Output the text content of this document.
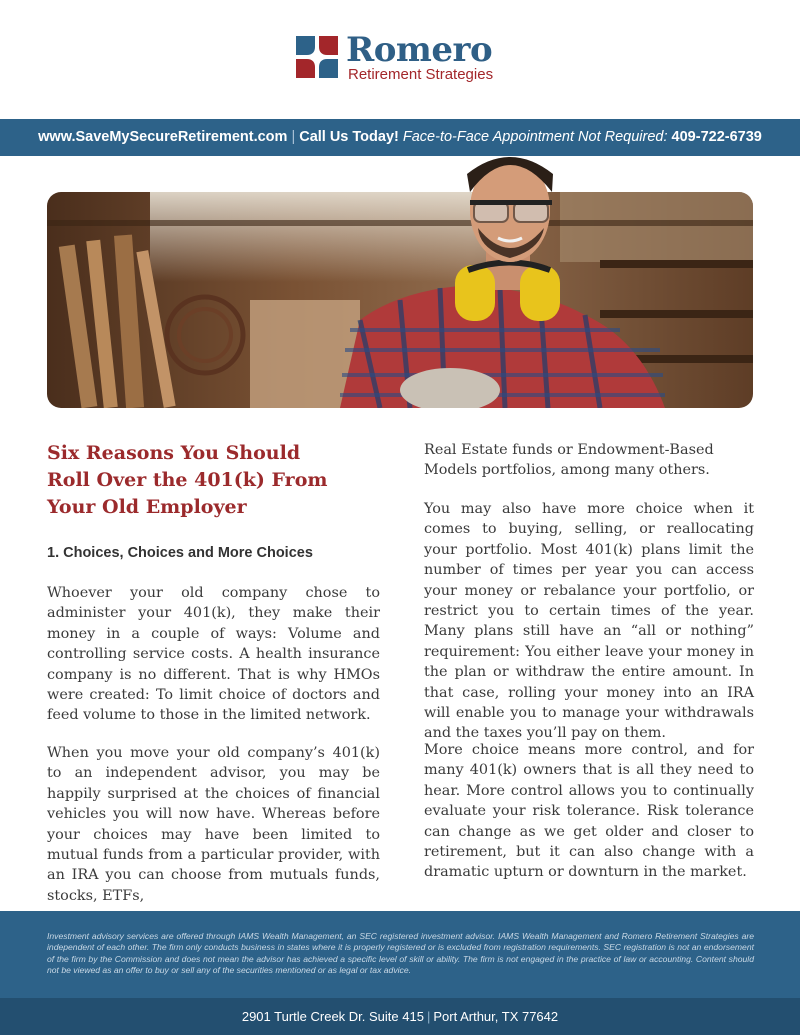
Romero
Retirement Strategies
www.SaveMySecureRetirement.com | Call Us Today! Face-to-Face Appointment Not Required: 409-722-6739
Six Reasons You Should
Roll Over the 401(k) From
Your Old Employer
1. Choices, Choices and More Choices

Whoever your old company chose to administer your 401(k), they make their money in a couple of ways: Volume and controlling service costs. A health insurance company is no different. That is why HMOs were created: To limit choice of doctors and feed volume to those in the limited network.

When you move your old company’s 401(k) to an independent advisor, you may be happily surprised at the choices of financial vehicles you will now have. Whereas before your choices may have been limited to mutual funds from a particular provider, with an IRA you can choose from mutuals funds, stocks, ETFs,

Real Estate funds or Endowment-Based Models portfolios, among many others.

You may also have more choice when it comes to buying, selling, or reallocating your portfolio. Most 401(k) plans limit the number of times per year you can access your money or rebalance your portfolio, or restrict you to certain times of the year. Many plans still have an “all or nothing” requirement: You either leave your money in the plan or withdraw the entire amount. In that case, rolling your money into an IRA will enable you to manage your withdrawals and the taxes you’ll pay on them.

More choice means more control, and for many 401(k) owners that is all they need to hear. More control allows you to continually evaluate your risk tolerance. Risk tolerance can change as we get older and closer to retirement, but it can also change with a dramatic upturn or downturn in the market.

Investment advisory services are offered through IAMS Wealth Management, an SEC registered investment advisor. IAMS Wealth Management and Romero Retirement Strategies are independent of each other. The firm only conducts business in states where it is properly registered or is excluded from registration requirements. SEC registration is not an endorsement of the firm by the Commission and does not mean the advisor has achieved a specific level of skill or ability. The firm is not engaged in the practice of law or accounting. Content should not be viewed as an offer to buy or sell any of the securities mentioned or as legal or tax advice.

2901 Turtle Creek Dr. Suite 415 | Port Arthur, TX 77642
